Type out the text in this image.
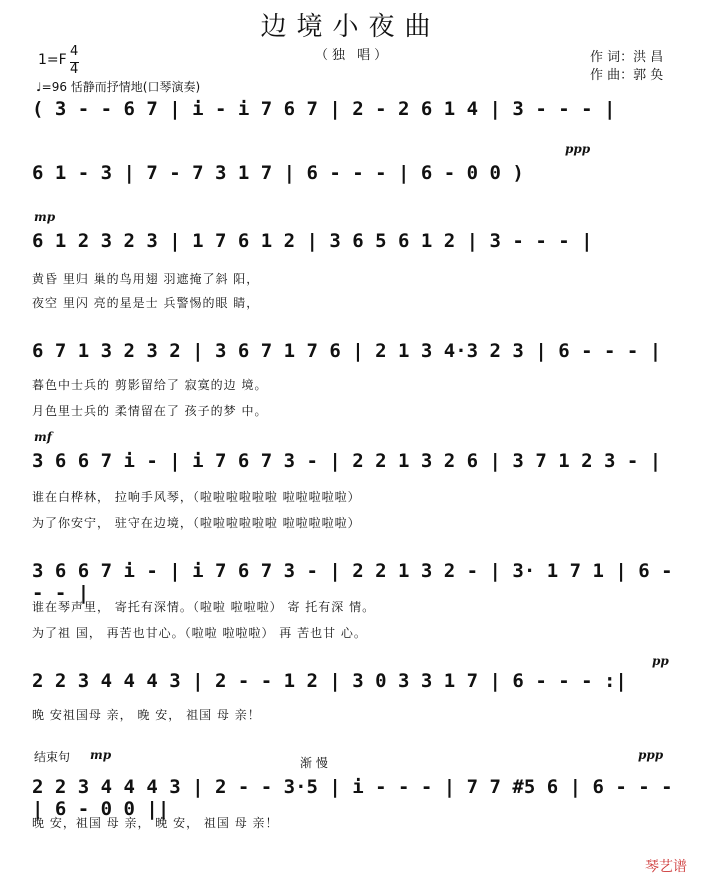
边境小夜曲
（独 唱）	作 词：洪 昌
作 曲：郭 奂
1=F
4
4
♩=96 恬静而抒情地(口琴演奏)
( 3 - - 6 7 | i - i 7 6 7 | 2 - 2 6 1 4 | 3 - - - |
ppp
6 1 - 3 | 7 - 7 3 1 7 | 6 - - - | 6 - 0 0 )
mp
6 1 2 3 2 3 | 1 7 6 1 2 | 3 6 5 6 1 2 | 3 - - - |
黄昏 里归 巢的鸟用翅 羽遮掩了斜 阳，
夜空 里闪 亮的星是士 兵警惕的眼 睛，
6 7 1 3 2 3 2 | 3 6 7 1 7 6 | 2 1 3 4·3 2 3 | 6 - - - |
暮色中士兵的 剪影留给了 寂寞的边 境。
月色里士兵的 柔情留在了 孩子的梦 中。
mf
3 6 6 7 i - | i 7 6 7 3 - | 2 2 1 3 2 6 | 3 7 1 2 3 - |
谁在白桦林， 拉响手风琴，（啦啦啦啦啦啦 啦啦啦啦啦）
为了你安宁， 驻守在边境，（啦啦啦啦啦啦 啦啦啦啦啦）
3 6 6 7 i - | i 7 6 7 3 - | 2 2 1 3 2 - | 3· 1 7 1 | 6 - - - |
谁在琴声里， 寄托有深情。（啦啦 啦啦啦） 寄 托有深 情。
为了祖 国， 再苦也甘心。（啦啦 啦啦啦） 再 苦也甘 心。
pp
2 2 3 4 4 4 3 | 2 - - 1 2 | 3 0 3 3 1 7 | 6 - - - :|
晚 安祖国母 亲， 晚 安， 祖国 母 亲！
结束句 mp
渐 慢
ppp
2 2 3 4 4 4 3 | 2 - - 3·5 | i - - - | 7 7 #5 6 | 6 - - - | 6 - 0 0 ||
晚 安，祖国 母 亲， 晚 安， 祖国 母 亲！
琴艺谱
